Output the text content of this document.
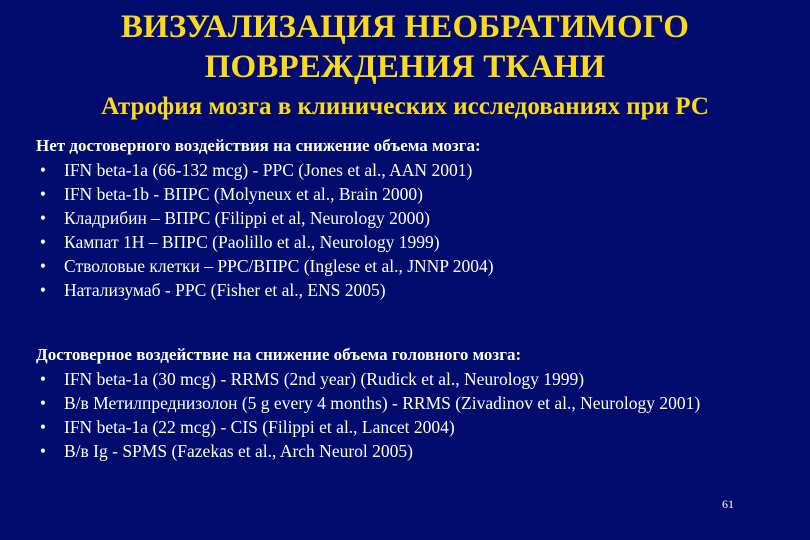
ВИЗУАЛИЗАЦИЯ НЕОБРАТИМОГО
ПОВРЕЖДЕНИЯ ТКАНИ
Атрофия мозга в клинических исследованиях при РС
Нет достоверного воздействия на снижение объема мозга:
• IFN beta-1a (66-132 mcg) - PPC (Jones et al., AAN 2001)
• IFN beta-1b - ВПРС (Molyneux et al., Brain 2000)
• Кладрибин – ВПРС (Filippi et al, Neurology 2000)
• Кампат 1H – ВПРС (Paolillo et al., Neurology 1999)
• Стволовые клетки – PPC/ВПРС (Inglese et al., JNNP 2004)
• Натализумаб - PPC (Fisher et al., ENS 2005)
Достоверное воздействие на снижение объема головного мозга:
• IFN beta-1a (30 mcg) - RRMS (2nd year) (Rudick et al., Neurology 1999)
• В/в Метилпреднизолон (5 g every 4 months) - RRMS (Zivadinov et al., Neurology 2001)
• IFN beta-1a (22 mcg) - CIS (Filippi et al., Lancet 2004)
• В/в Ig - SPMS (Fazekas et al., Arch Neurol 2005)
61
